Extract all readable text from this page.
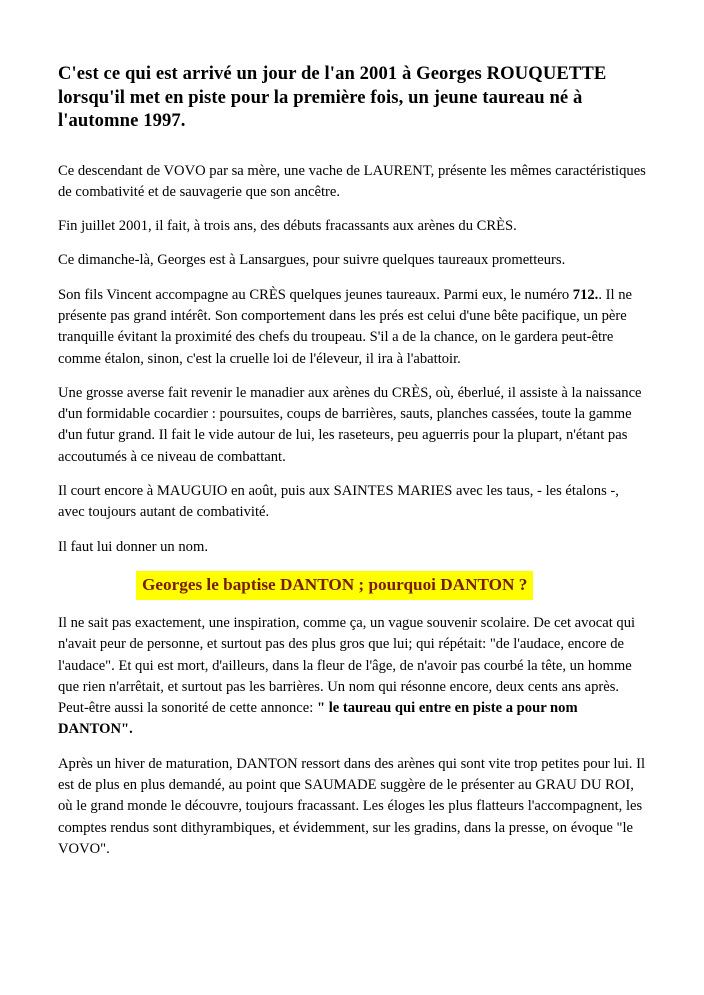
C'est ce qui est arrivé un jour de l'an 2001 à Georges ROUQUETTE lorsqu'il met en piste pour la première fois, un jeune taureau né à l'automne 1997.

Ce descendant de VOVO par sa mère, une vache de LAURENT, présente les mêmes caractéristiques de combativité et de sauvagerie que son ancêtre.

Fin juillet 2001, il fait, à trois ans, des débuts fracassants aux arènes du CRÈS.

Ce dimanche-là, Georges est à Lansargues, pour suivre quelques taureaux prometteurs.

Son fils Vincent accompagne au CRÈS quelques jeunes taureaux. Parmi eux, le numéro 712.. Il ne présente pas grand intérêt. Son comportement dans les prés est celui d'une bête pacifique, un père tranquille évitant la proximité des chefs du troupeau. S'il a de la chance, on le gardera peut-être comme étalon, sinon, c'est la cruelle loi de l'éleveur, il ira à l'abattoir.

Une grosse averse fait revenir le manadier aux arènes du CRÈS, où, éberlué, il assiste à la naissance d'un formidable cocardier : poursuites, coups de barrières, sauts, planches cassées, toute la gamme d'un futur grand. Il fait le vide autour de lui, les raseteurs, peu aguerris pour la plupart, n'étant pas accoutumés à ce niveau de combattant.

Il court encore à MAUGUIO en août, puis aux SAINTES MARIES avec les taus, - les étalons -, avec toujours autant de combativité.

Il faut lui donner un nom.

Georges le baptise DANTON ; pourquoi DANTON ?

Il ne sait pas exactement, une inspiration, comme ça, un vague souvenir scolaire. De cet avocat qui n'avait peur de personne, et surtout pas des plus gros que lui; qui répétait: "de l'audace, encore de l'audace". Et qui est mort, d'ailleurs, dans la fleur de l'âge, de n'avoir pas courbé la tête, un homme que rien n'arrêtait, et surtout pas les barrières. Un nom qui résonne encore, deux cents ans après. Peut-être aussi la sonorité de cette annonce: " le taureau qui entre en piste a pour nom DANTON".

Après un hiver de maturation, DANTON ressort dans des arènes qui sont vite trop petites pour lui. Il est de plus en plus demandé, au point que SAUMADE suggère de le présenter au GRAU DU ROI, où le grand monde le découvre, toujours fracassant. Les éloges les plus flatteurs l'accompagnent, les comptes rendus sont dithyrambiques, et évidemment, sur les gradins, dans la presse, on évoque "le VOVO".
